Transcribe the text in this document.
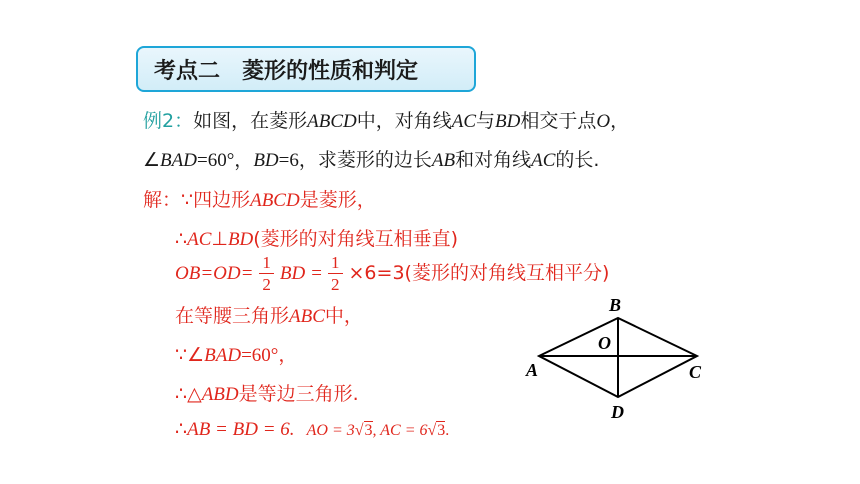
考点二 菱形的性质和判定
例2：如图，在菱形ABCD中，对角线AC与BD相交于点O，
∠BAD=60°，BD=6，求菱形的边长AB和对角线AC的长.
解：∵四边形ABCD是菱形，
∴AC⊥BD(菱形的对角线互相垂直)
$OB=OD= \frac{1}{2}$ BD = $\frac{1}{2} \times 6=3$(菱形的对角线互相平分)
在等腰三角形ABC中，
∵∠BAD=60°，
∴△ABD是等边三角形.
∴AB = BD = 6. AO = 3√3, AC = 6√3.
B
O
A	C
D
